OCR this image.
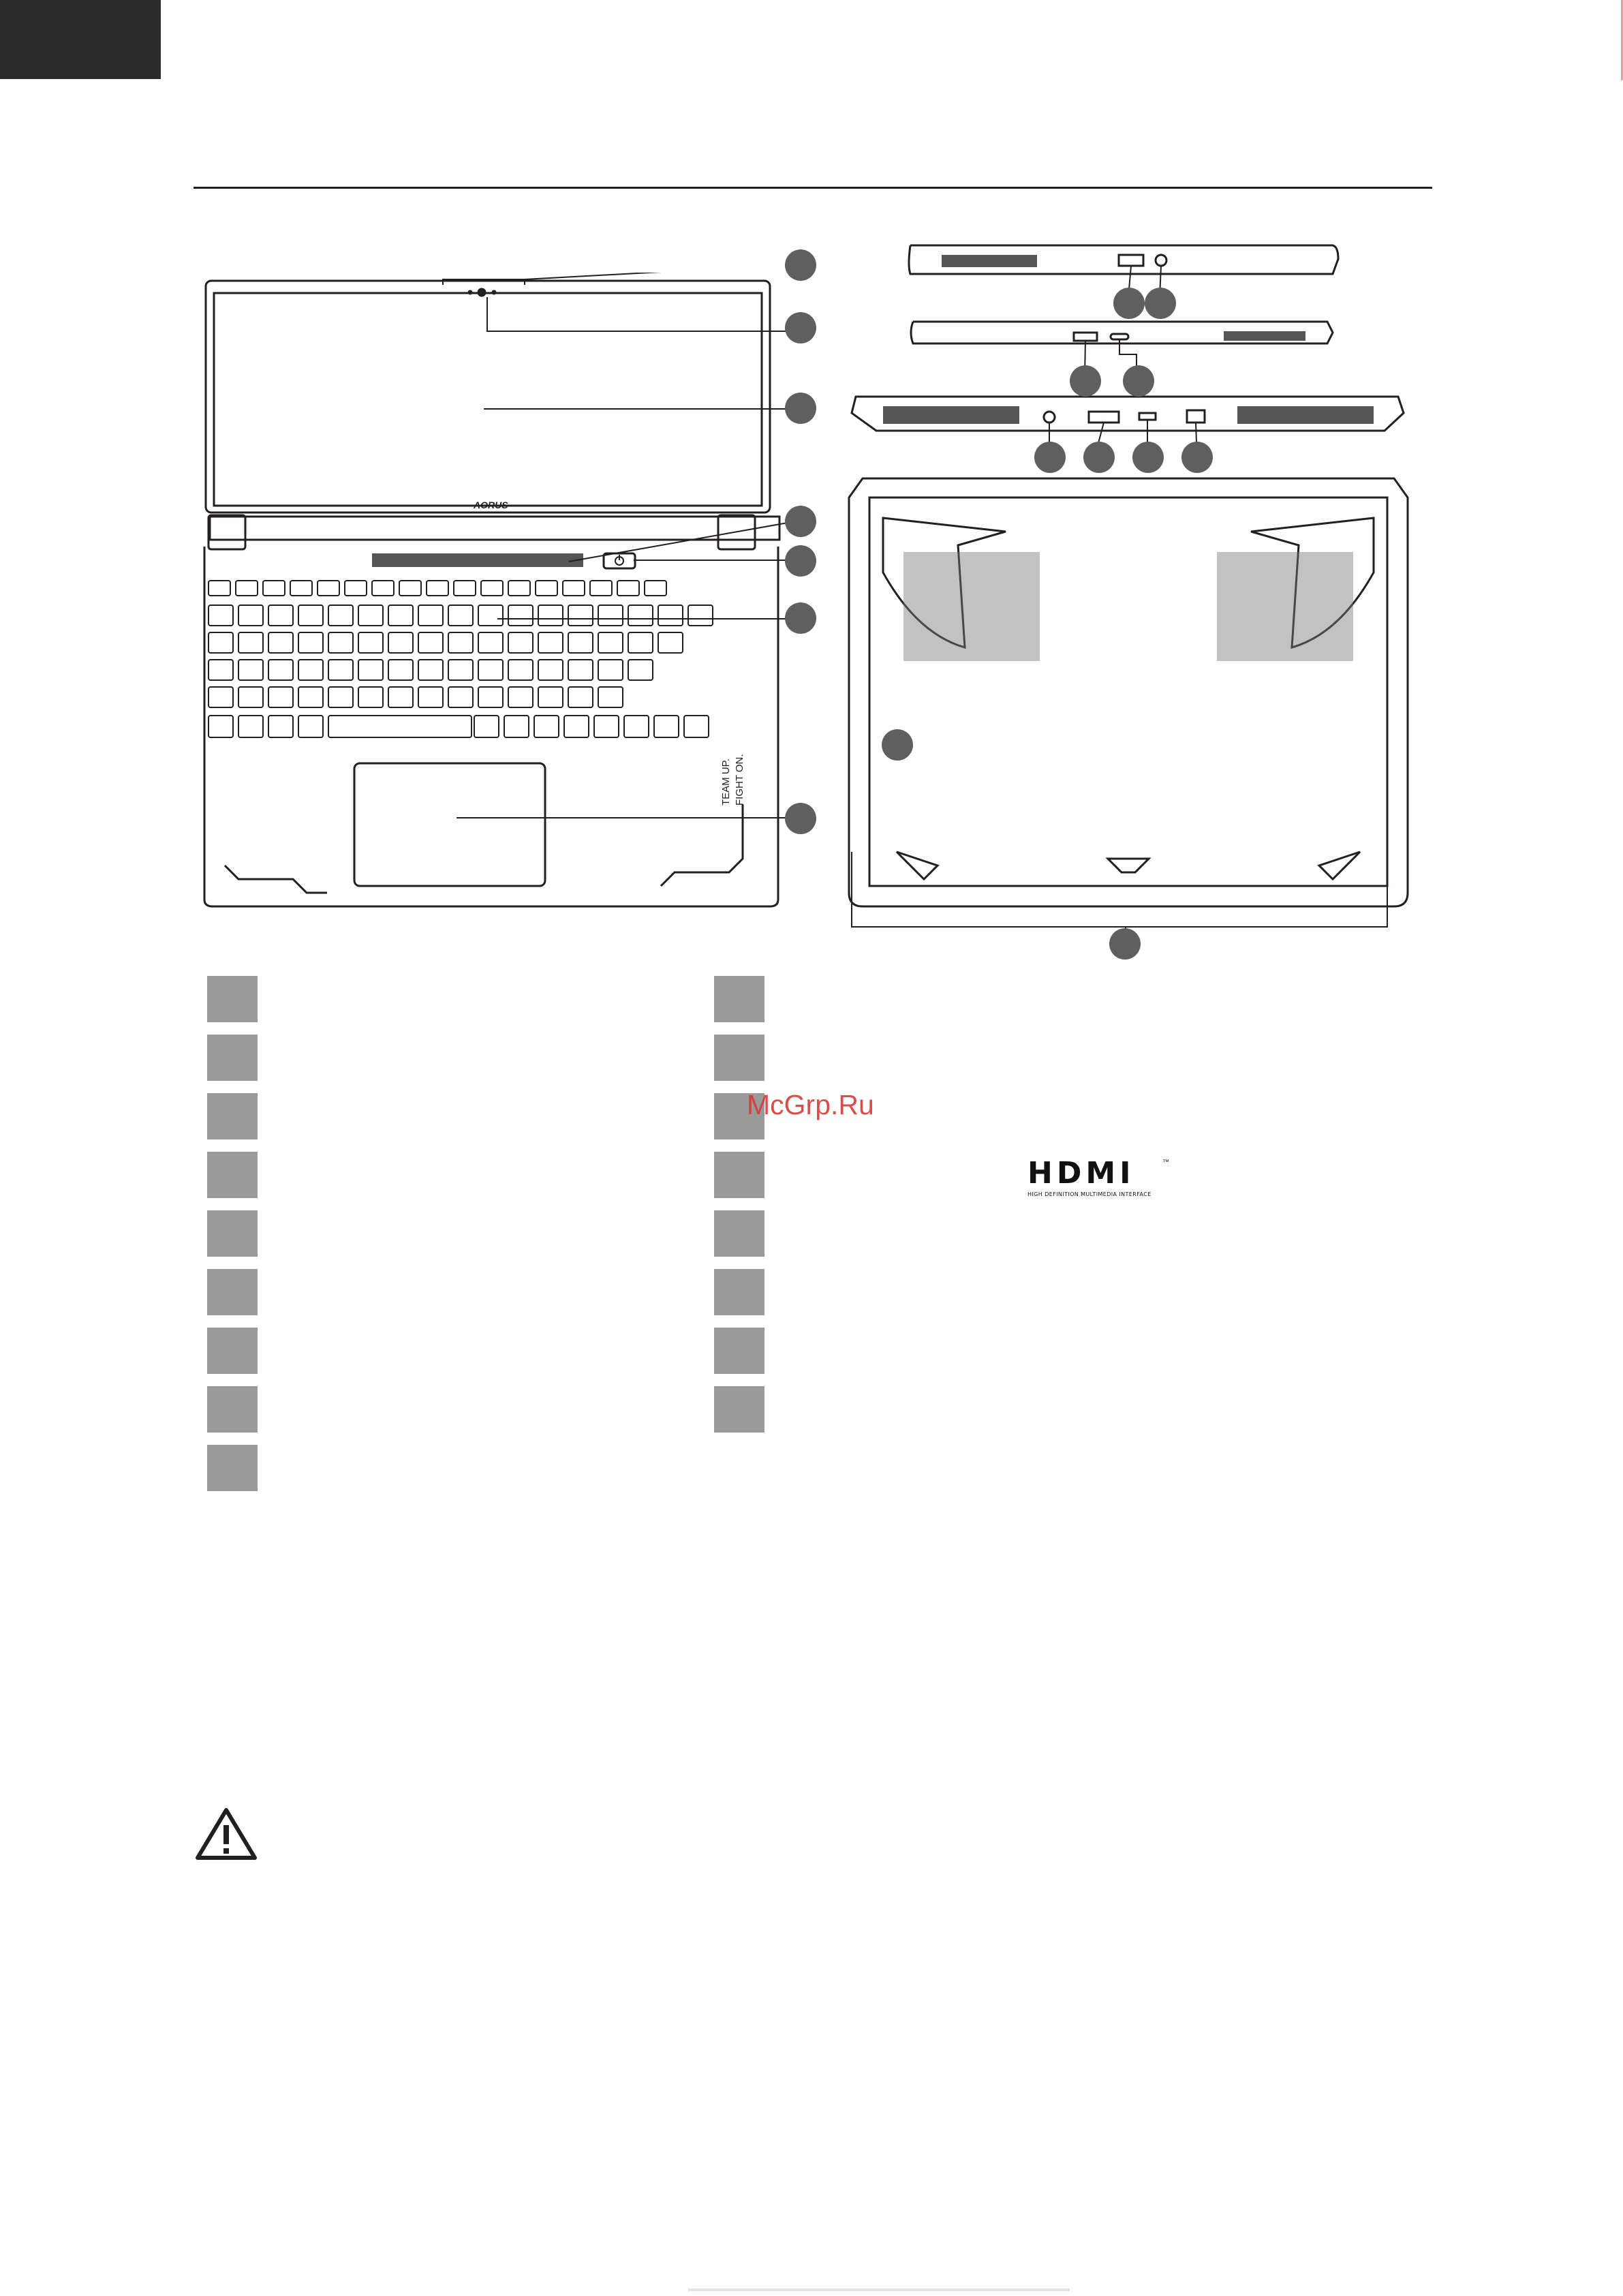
AORUS
TEAM UP. FIGHT ON.
McGrp.Ru
HDMI	™
HIGH DEFINITION MULTIMEDIA INTERFACE
